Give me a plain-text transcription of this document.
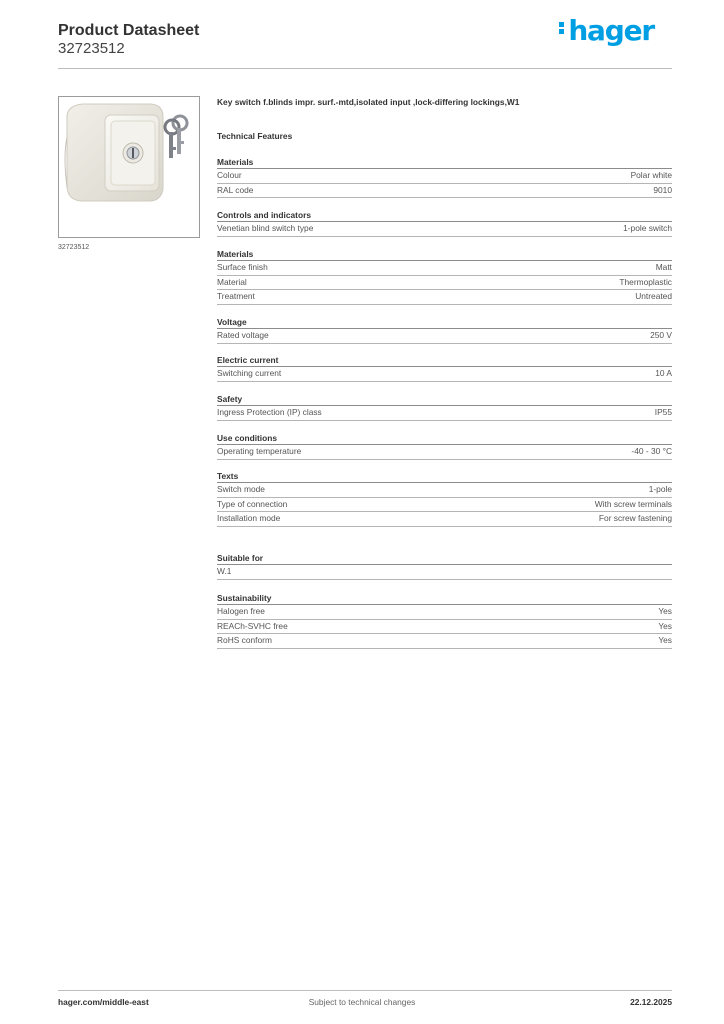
Product Datasheet
32723512
hager
32723512
Key switch f.blinds impr. surf.-mtd,isolated input ,lock-differing lockings,W1
Technical Features
Materials
Colour	Polar white
RAL code	9010
Controls and indicators
Venetian blind switch type	1-pole switch
Materials
Surface finish	Matt
Material	Thermoplastic
Treatment	Untreated
Voltage
Rated voltage	250 V
Electric current
Switching current	10 A
Safety
Ingress Protection (IP) class	IP55
Use conditions
Operating temperature	-40 - 30 °C
Texts
Switch mode	1-pole
Type of connection	With screw terminals
Installation mode	For screw fastening
Suitable for
W.1
Sustainability
Halogen free	Yes
REACh-SVHC free	Yes
RoHS conform	Yes
hager.com/middle-east	Subject to technical changes	22.12.2025
